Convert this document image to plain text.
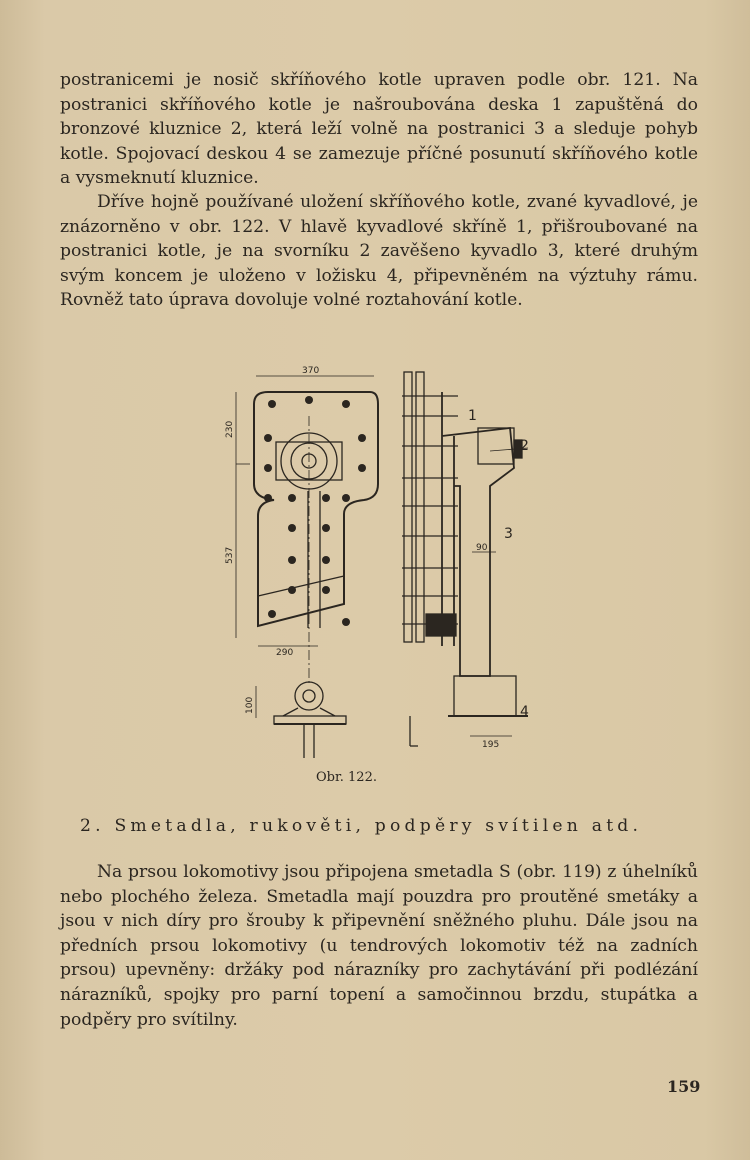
postranicemi je nosič skříňového kotle upraven podle obr. 121. Na postranici skříňového kotle je našroubována deska 1 zapuštěná do bronzové kluznice 2, která leží volně na postranici 3 a sleduje pohyb kotle. Spojovací deskou 4 se zamezuje příčné posunutí skříňového kotle a vysmeknutí kluznice.

Dříve hojně používané uložení skříňového kotle, zvané kyvadlové, je znázorněno v obr. 122. V hlavě kyvadlové skříně 1, přišroubované na postranici kotle, je na svorníku 2 zavěšeno kyvadlo 3, které druhým svým koncem je uloženo v ložisku 4, připevněném na výztuhy rámu. Rovněž tato úprava dovoluje volné roztahování kotle.

370
230
537
290
100
90
195
1
2
3
4
Obr. 122.
2. Smetadla, rukověti, podpěry svítilen atd.

Na prsou lokomotivy jsou připojena smetadla S (obr. 119) z úhelníků nebo plochého železa. Smetadla mají pouzdra pro proutěné smetáky a jsou v nich díry pro šrouby k připevnění sněžného pluhu. Dále jsou na předních prsou lokomotivy (u tendrových lokomotiv též na zadních prsou) upevněny: držáky pod nárazníky pro zachytávání při podlézání nárazníků, spojky pro parní topení a samočinnou brzdu, stupátka a podpěry pro svítilny.

159
